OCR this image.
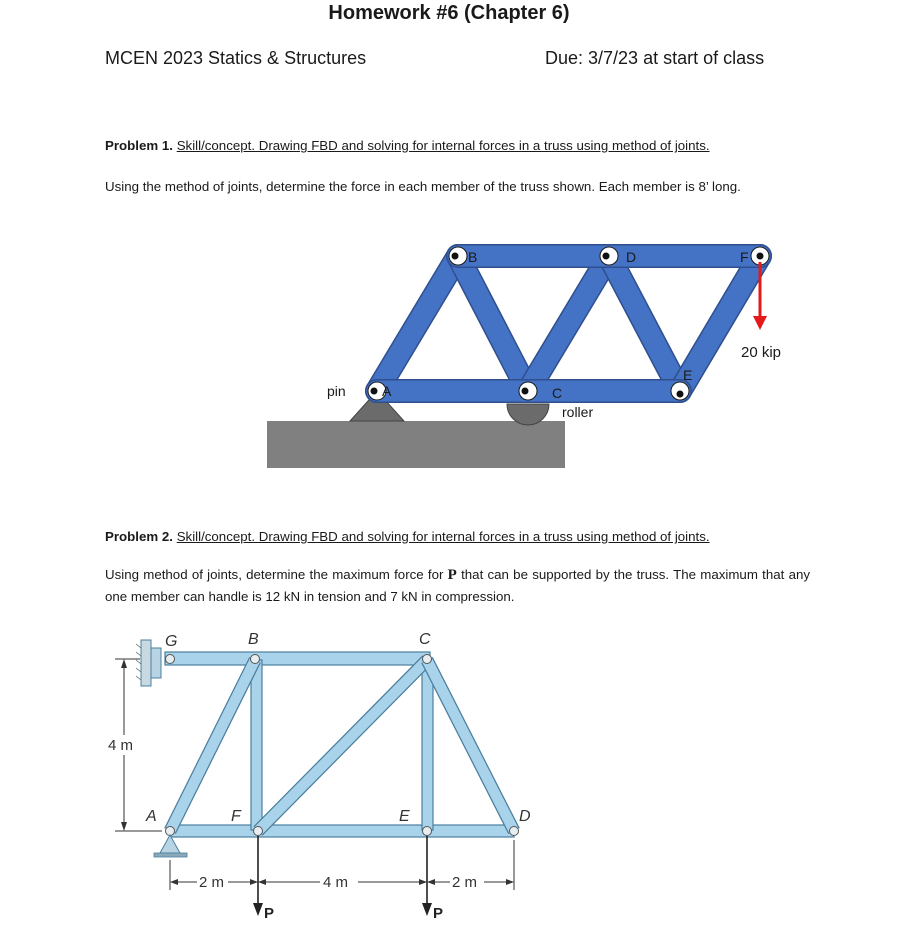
Homework #6 (Chapter 6)
MCEN 2023 Statics & Structures	Due: 3/7/23 at start of class
Problem 1. Skill/concept. Drawing FBD and solving for internal forces in a truss using method of joints.
Using the method of joints, determine the force in each member of the truss shown. Each member is 8’ long.
A
B
C
D
E
F
pin
roller
20 kip
Problem 2. Skill/concept. Drawing FBD and solving for internal forces in a truss using method of joints.
Using method of joints, determine the maximum force for P that can be supported by the truss. The maximum that any one member can handle is 12 kN in tension and 7 kN in compression.
G	B	C
A	F	E	D
4 m
2 m	4 m	2 m
P	P
